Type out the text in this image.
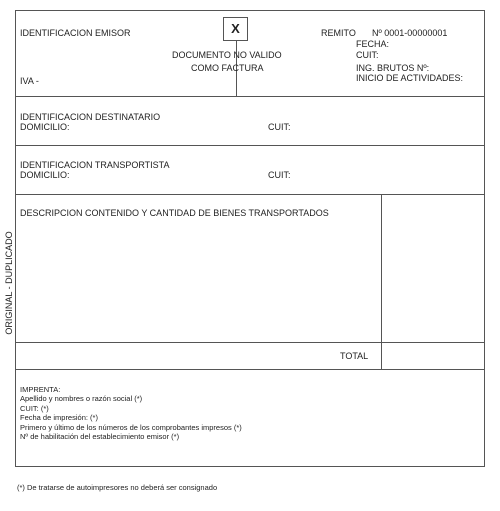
IDENTIFICACION EMISOR
IVA -
X
DOCUMENTO NO VALIDO
COMO FACTURA
REMITO Nº 0001-00000001
FECHA:
CUIT:
ING. BRUTOS Nº:
INICIO DE ACTIVIDADES:
IDENTIFICACION DESTINATARIO
DOMICILIO:	CUIT:
IDENTIFICACION TRANSPORTISTA
DOMICILIO:	CUIT:
ORIGINAL - DUPLICADO
DESCRIPCION CONTENIDO Y CANTIDAD DE BIENES TRANSPORTADOS
TOTAL
IMPRENTA:
Apellido y nombres o razón social (*)
CUIT: (*)
Fecha de impresión: (*)
Primero y último de los números de los comprobantes impresos (*)
Nº de habilitación del establecimiento emisor (*)
(*) De tratarse de autoimpresores no deberá ser consignado
